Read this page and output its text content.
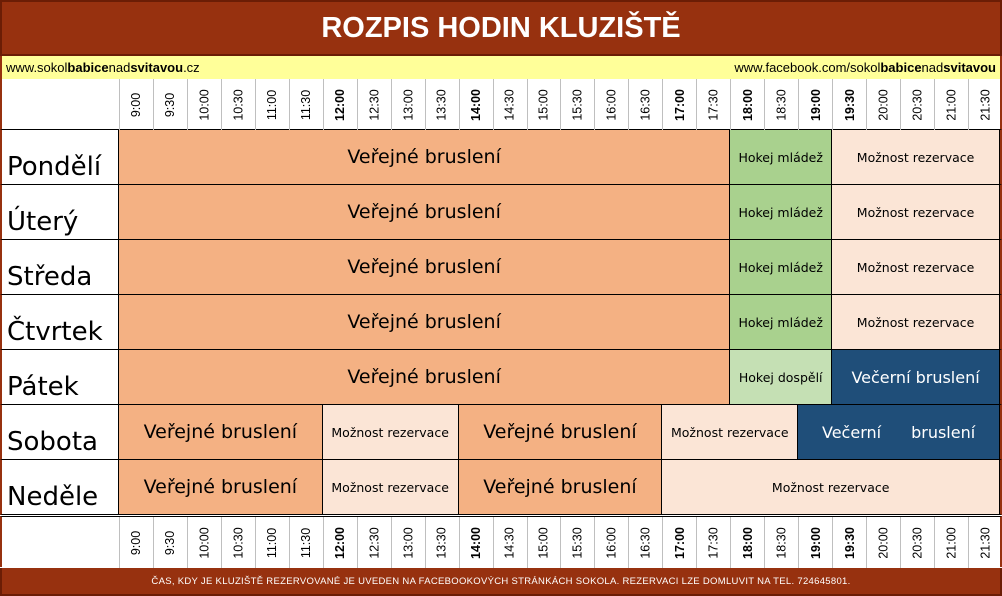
ROZPIS HODIN KLUZIŠTĚ
www.sokolbabicenadsvitavou.cz	www.facebook.com/sokolbabicenadsvitavou
9:00 9:30 10:00 10:30 11:00 11:30 12:00 12:30 13:00 13:30 14:00 14:30 15:00 15:30 16:00 16:30 17:00 17:30 18:00 18:30 19:00 19:30 20:00 20:30 21:00 21:30
Pondělí	Veřejné bruslení	Hokej mládež	Možnost rezervace
Úterý	Veřejné bruslení	Hokej mládež	Možnost rezervace
Středa	Veřejné bruslení	Hokej mládež	Možnost rezervace
Čtvrtek	Veřejné bruslení	Hokej mládež	Možnost rezervace
Pátek	Veřejné bruslení	Hokej dospělí	Večerní bruslení
Sobota	Veřejné bruslení	Možnost rezervace	Veřejné bruslení	Možnost rezervace	Večerní bruslení
Neděle	Veřejné bruslení	Možnost rezervace	Veřejné bruslení	Možnost rezervace
9:00 9:30 10:00 10:30 11:00 11:30 12:00 12:30 13:00 13:30 14:00 14:30 15:00 15:30 16:00 16:30 17:00 17:30 18:00 18:30 19:00 19:30 20:00 20:30 21:00 21:30
ČAS, KDY JE KLUZIŠTĚ REZERVOVANÉ JE UVEDEN NA FACEBOOKOVÝCH STRÁNKÁCH SOKOLA. REZERVACI LZE DOMLUVIT NA TEL. 724645801.
